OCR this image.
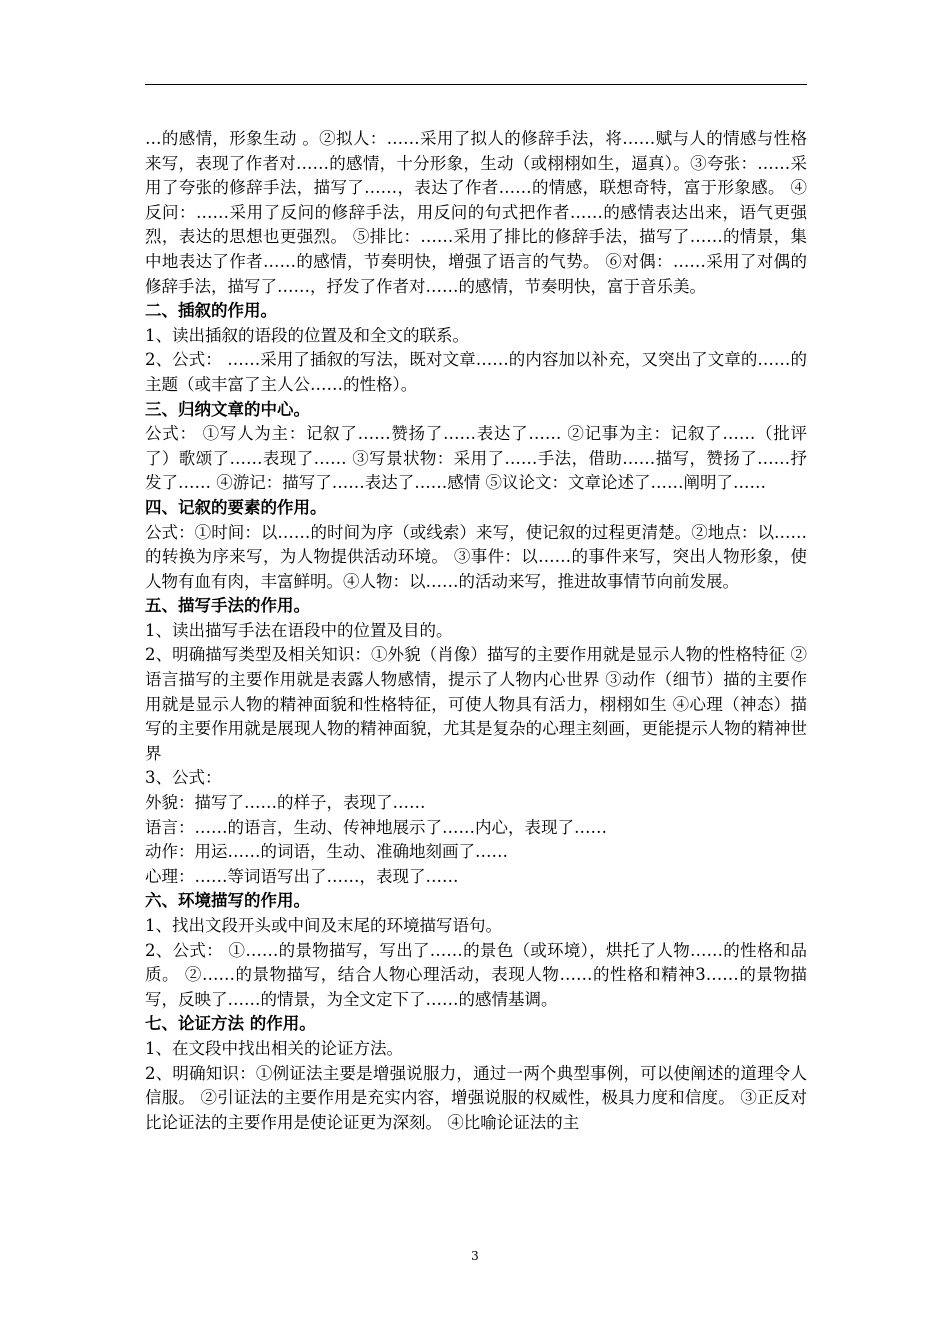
…的感情，形象生动 。②拟人：……采用了拟人的修辞手法，将……赋与人的情感与性格来写，表现了作者对……的感情，十分形象，生动（或栩栩如生，逼真）。③夸张：……采用了夸张的修辞手法，描写了……，表达了作者……的情感，联想奇特，富于形象感。 ④反问：……采用了反问的修辞手法，用反问的句式把作者……的感情表达出来，语气更强烈，表达的思想也更强烈。 ⑤排比：……采用了排比的修辞手法，描写了……的情景，集中地表达了作者……的感情，节奏明快，增强了语言的气势。 ⑥对偶：……采用了对偶的修辞手法，描写了……，抒发了作者对……的感情，节奏明快，富于音乐美。

二、插叙的作用。

1、读出插叙的语段的位置及和全文的联系。

2、公式： ……采用了插叙的写法，既对文章……的内容加以补充，又突出了文章的……的主题（或丰富了主人公……的性格）。

三、归纳文章的中心。

公式： ①写人为主：记叙了……赞扬了……表达了…… ②记事为主：记叙了……（批评了）歌颂了……表现了…… ③写景状物：采用了……手法，借助……描写，赞扬了……抒发了…… ④游记：描写了……表达了……感情 ⑤议论文：文章论述了……阐明了……

四、记叙的要素的作用。

公式：①时间：以……的时间为序（或线索）来写，使记叙的过程更清楚。②地点：以……的转换为序来写，为人物提供活动环境。 ③事件：以……的事件来写，突出人物形象，使人物有血有肉，丰富鲜明。④人物：以……的活动来写，推进故事情节向前发展。

五、描写手法的作用。

1、读出描写手法在语段中的位置及目的。

2、明确描写类型及相关知识：①外貌（肖像）描写的主要作用就是显示人物的性格特征 ②语言描写的主要作用就是表露人物感情，提示了人物内心世界 ③动作（细节）描的主要作用就是显示人物的精神面貌和性格特征，可使人物具有活力，栩栩如生 ④心理（神态）描写的主要作用就是展现人物的精神面貌，尤其是复杂的心理主刻画，更能提示人物的精神世界

3、公式：

外貌：描写了……的样子，表现了……

语言：……的语言，生动、传神地展示了……内心，表现了……

动作：用运……的词语，生动、准确地刻画了……

心理：……等词语写出了……，表现了……

六、环境描写的作用。

1、找出文段开头或中间及末尾的环境描写语句。

2、公式： ①……的景物描写，写出了……的景色（或环境），烘托了人物……的性格和品质。 ②……的景物描写，结合人物心理活动，表现人物……的性格和精神3……的景物描写，反映了……的情景，为全文定下了……的感情基调。

七、论证方法 的作用。

1、在文段中找出相关的论证方法。

2、明确知识：①例证法主要是增强说服力，通过一两个典型事例，可以使阐述的道理令人信服。 ②引证法的主要作用是充实内容，增强说服的权威性，极具力度和信度。 ③正反对比论证法的主要作用是使论证更为深刻。 ④比喻论证法的主

3
